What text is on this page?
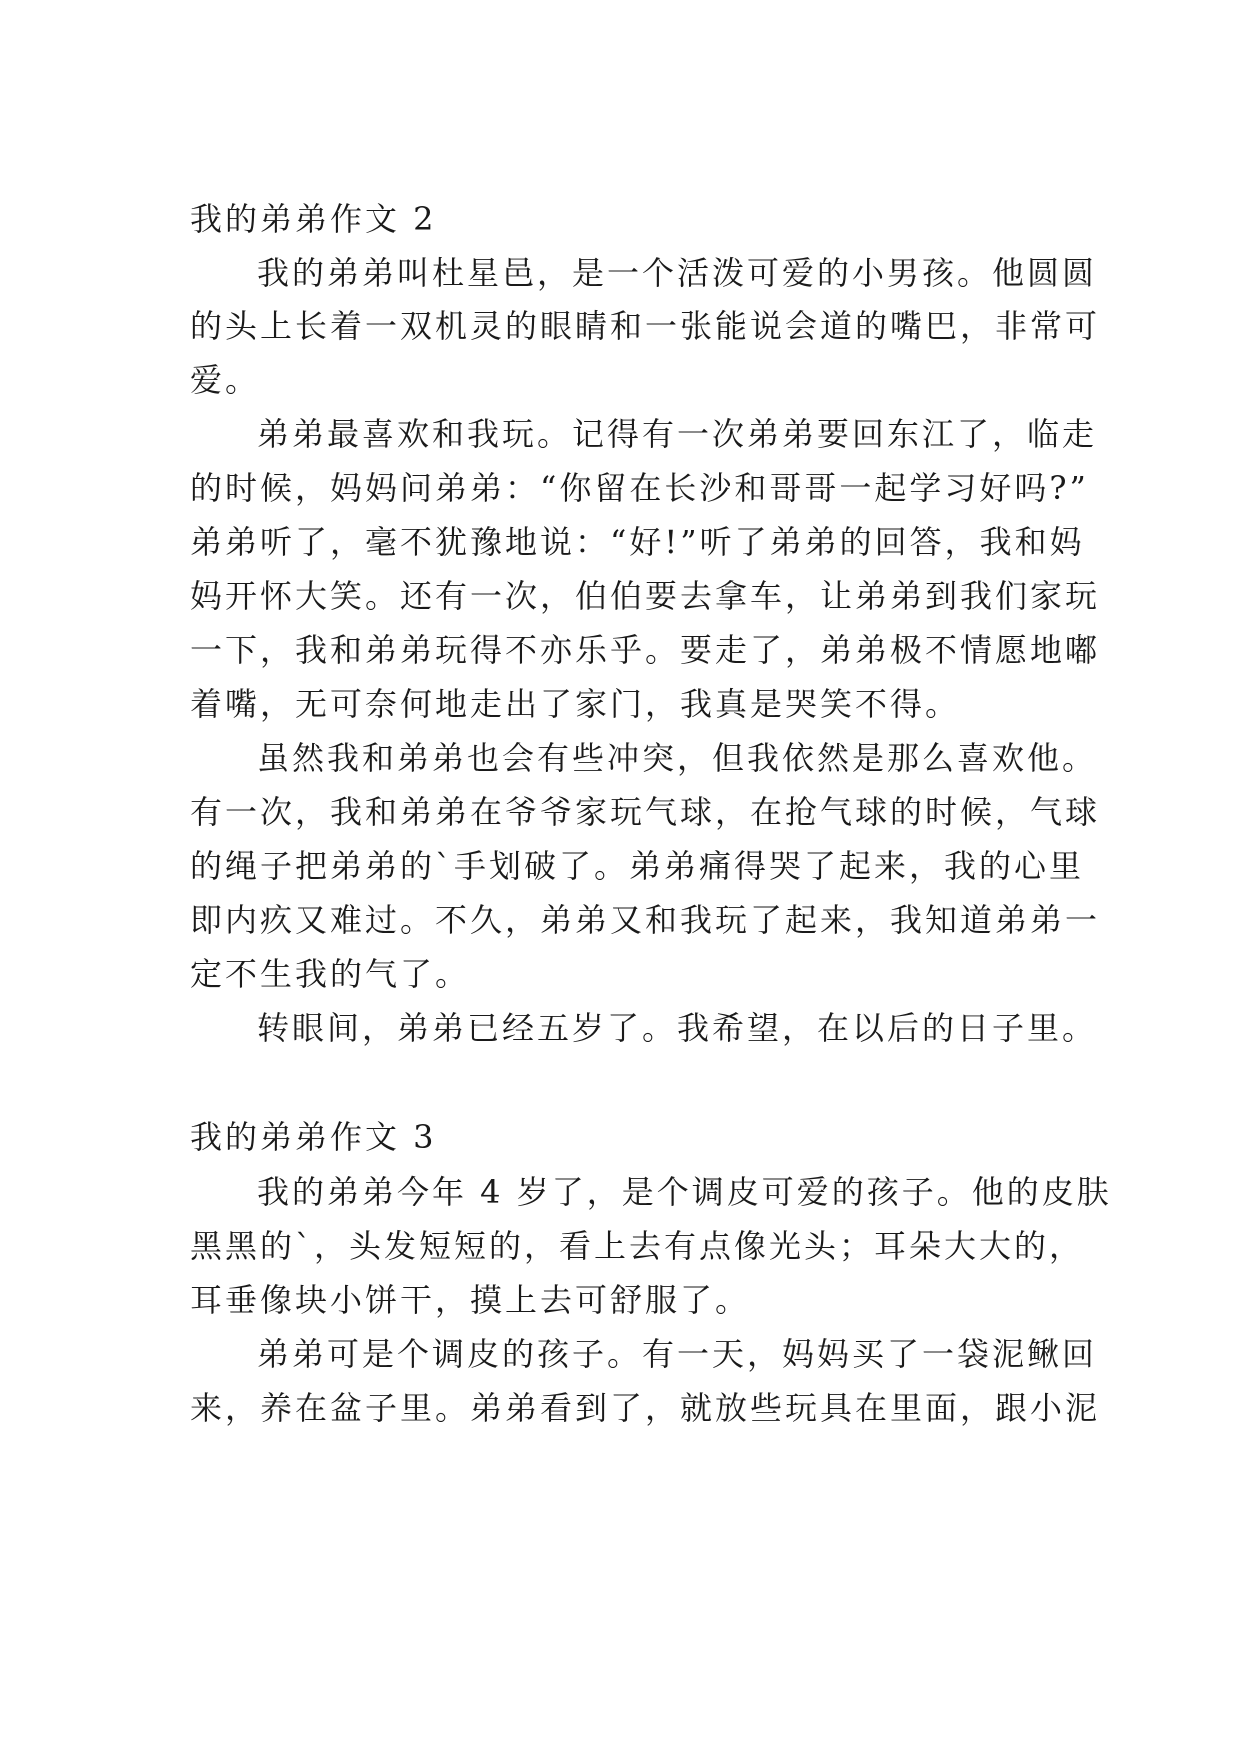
我的弟弟作文 2
我的弟弟叫杜星邑，是一个活泼可爱的小男孩。他圆圆
的头上长着一双机灵的眼睛和一张能说会道的嘴巴，非常可
爱。
弟弟最喜欢和我玩。记得有一次弟弟要回东江了，临走
的时候，妈妈问弟弟：“你留在长沙和哥哥一起学习好吗?”
弟弟听了，毫不犹豫地说：“好!”听了弟弟的回答，我和妈
妈开怀大笑。还有一次，伯伯要去拿车，让弟弟到我们家玩
一下，我和弟弟玩得不亦乐乎。要走了，弟弟极不情愿地嘟
着嘴，无可奈何地走出了家门，我真是哭笑不得。
虽然我和弟弟也会有些冲突，但我依然是那么喜欢他。
有一次，我和弟弟在爷爷家玩气球，在抢气球的时候，气球
的绳子把弟弟的`手划破了。弟弟痛得哭了起来，我的心里
即内疚又难过。不久，弟弟又和我玩了起来，我知道弟弟一
定不生我的气了。
转眼间，弟弟已经五岁了。我希望，在以后的日子里。
我的弟弟作文 3
我的弟弟今年 4 岁了，是个调皮可爱的孩子。他的皮肤
黑黑的`，头发短短的，看上去有点像光头；耳朵大大的，
耳垂像块小饼干，摸上去可舒服了。
弟弟可是个调皮的孩子。有一天，妈妈买了一袋泥鳅回
来，养在盆子里。弟弟看到了，就放些玩具在里面，跟小泥
